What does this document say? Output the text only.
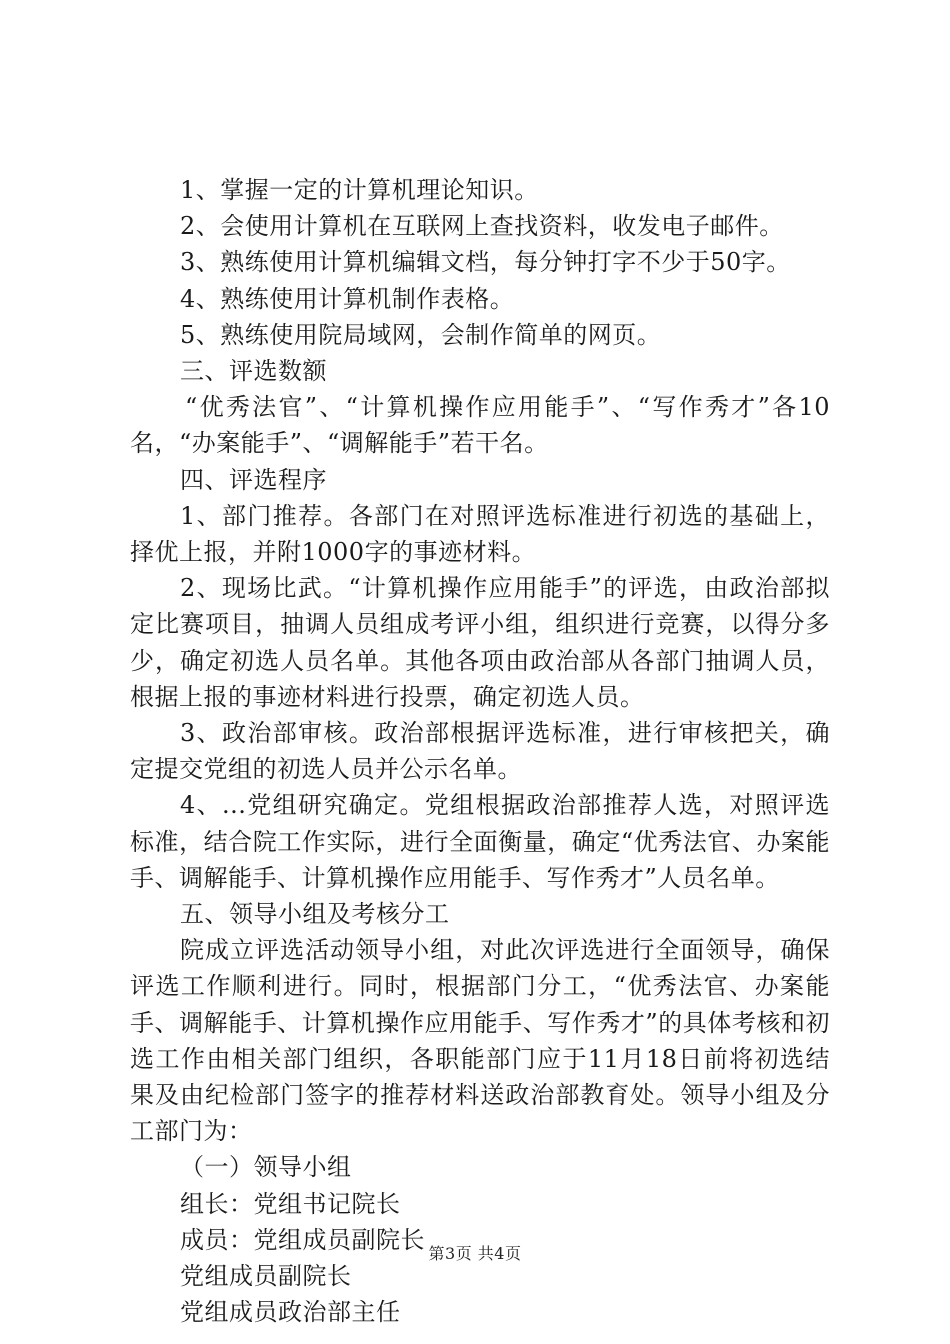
1、掌握一定的计算机理论知识。

2、会使用计算机在互联网上查找资料，收发电子邮件。

3、熟练使用计算机编辑文档，每分钟打字不少于50字。

4、熟练使用计算机制作表格。

5、熟练使用院局域网，会制作简单的网页。

三、评选数额

“优秀法官”、“计算机操作应用能手”、“写作秀才”各10名，“办案能手”、“调解能手”若干名。

四、评选程序

1、部门推荐。各部门在对照评选标准进行初选的基础上，择优上报，并附1000字的事迹材料。

2、现场比武。“计算机操作应用能手”的评选，由政治部拟定比赛项目，抽调人员组成考评小组，组织进行竞赛，以得分多少，确定初选人员名单。其他各项由政治部从各部门抽调人员，根据上报的事迹材料进行投票，确定初选人员。

3、政治部审核。政治部根据评选标准，进行审核把关，确定提交党组的初选人员并公示名单。

4、...党组研究确定。党组根据政治部推荐人选，对照评选标准，结合院工作实际，进行全面衡量，确定“优秀法官、办案能手、调解能手、计算机操作应用能手、写作秀才”人员名单。

五、领导小组及考核分工

院成立评选活动领导小组，对此次评选进行全面领导，确保评选工作顺利进行。同时，根据部门分工，“优秀法官、办案能手、调解能手、计算机操作应用能手、写作秀才”的具体考核和初选工作由相关部门组织，各职能部门应于11月18日前将初选结果及由纪检部门签字的推荐材料送政治部教育处。领导小组及分工部门为：

（一）领导小组

组长：党组书记院长

成员：党组成员副院长

党组成员副院长

党组成员政治部主任

第3页 共4页
